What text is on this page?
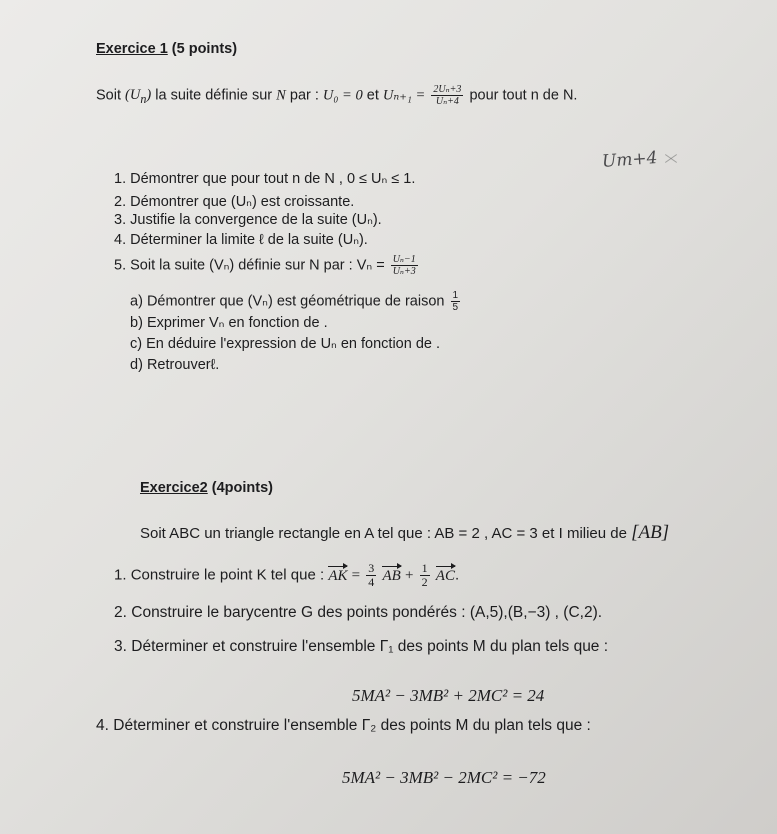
Exercice 1 (5 points)
Soit $(U_n)$ la suite définie sur N par : U₀ = 0 et $U_{n+1} = \frac{\text{2Uₙ+3}}{\text{Uₙ+4}}$ pour tout n de N.
Um+4
1. Démontrer que pour tout n de N , 0 ≤ Uₙ ≤ 1.
2. Démontrer que (Uₙ) est croissante.
3. Justifie la convergence de la suite (Uₙ).
4. Déterminer la limite ℓ de la suite (Uₙ).
5. Soit la suite (Vₙ) définie sur N par : $V_n = \frac{\text{Uₙ−1}}{\text{Uₙ+3}}$
a) Démontrer que (Vₙ) est géométrique de raison $\frac{1}{5}$
b) Exprimer Vₙ en fonction de .
c) En déduire l'expression de Uₙ en fonction de .
d) Retrouverℓ.
Exercice2 (4points)
Soit ABC un triangle rectangle en A tel que : AB = 2 , AC = 3 et I milieu de [AB]
1. Construire le point K tel que : AK = $\frac{3}{4}$ AB + $\frac{1}{2}$ AC.
2. Construire le barycentre G des points pondérés : (A,5),(B,−3) , (C,2).
3. Déterminer et construire l'ensemble Γ₁ des points M du plan tels que :
5MA² − 3MB² + 2MC² = 24
4. Déterminer et construire l'ensemble Γ₂ des points M du plan tels que :
5MA² − 3MB² − 2MC² = −72
